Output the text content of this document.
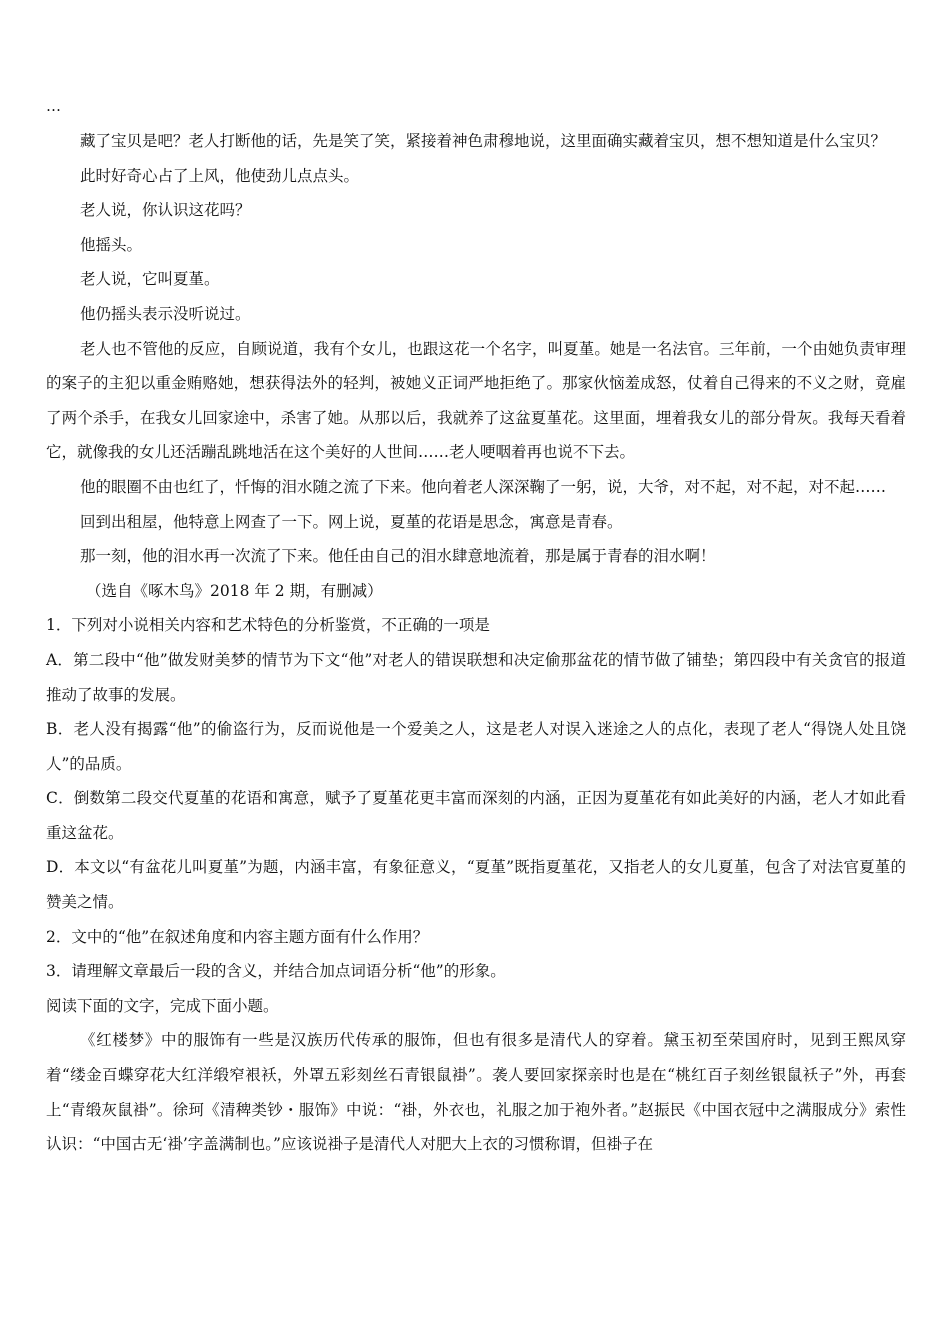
…

藏了宝贝是吧？老人打断他的话，先是笑了笑，紧接着神色肃穆地说，这里面确实藏着宝贝，想不想知道是什么宝贝？

此时好奇心占了上风，他使劲儿点点头。

老人说，你认识这花吗？

他摇头。

老人说，它叫夏堇。

他仍摇头表示没听说过。

老人也不管他的反应，自顾说道，我有个女儿，也跟这花一个名字，叫夏堇。她是一名法官。三年前，一个由她负责审理的案子的主犯以重金贿赂她，想获得法外的轻判，被她义正词严地拒绝了。那家伙恼羞成怒，仗着自己得来的不义之财，竟雇了两个杀手，在我女儿回家途中，杀害了她。从那以后，我就养了这盆夏堇花。这里面，埋着我女儿的部分骨灰。我每天看着它，就像我的女儿还活蹦乱跳地活在这个美好的人世间……老人哽咽着再也说不下去。

他的眼圈不由也红了，忏悔的泪水随之流了下来。他向着老人深深鞠了一躬，说，大爷，对不起，对不起，对不起……

回到出租屋，他特意上网查了一下。网上说，夏堇的花语是思念，寓意是青春。

那一刻，他的泪水再一次流了下来。他任由自己的泪水肆意地流着，那是属于青春的泪水啊！

（选自《啄木鸟》2018 年 2 期，有删减）

1．下列对小说相关内容和艺术特色的分析鉴赏，不正确的一项是

A．第二段中“他”做发财美梦的情节为下文“他”对老人的错误联想和决定偷那盆花的情节做了铺垫；第四段中有关贪官的报道推动了故事的发展。

B．老人没有揭露“他”的偷盗行为，反而说他是一个爱美之人，这是老人对误入迷途之人的点化，表现了老人“得饶人处且饶人”的品质。

C．倒数第二段交代夏堇的花语和寓意，赋予了夏堇花更丰富而深刻的内涵，正因为夏堇花有如此美好的内涵，老人才如此看重这盆花。

D．本文以“有盆花儿叫夏堇”为题，内涵丰富，有象征意义，“夏堇”既指夏堇花，又指老人的女儿夏堇，包含了对法官夏堇的赞美之情。

2．文中的“他”在叙述角度和内容主题方面有什么作用？

3．请理解文章最后一段的含义，并结合加点词语分析“他”的形象。

阅读下面的文字，完成下面小题。

《红楼梦》中的服饰有一些是汉族历代传承的服饰，但也有很多是清代人的穿着。黛玉初至荣国府时，见到王熙凤穿着“缕金百蝶穿花大红洋缎窄裉袄，外罩五彩刻丝石青银鼠褂”。袭人要回家探亲时也是在“桃红百子刻丝银鼠袄子”外，再套上“青缎灰鼠褂”。徐珂《清稗类钞・服饰》中说：“褂，外衣也，礼服之加于袍外者。”赵振民《中国衣冠中之满服成分》索性认识：“中国古无‘褂’字盖满制也。”应该说褂子是清代人对肥大上衣的习惯称谓，但褂子在
